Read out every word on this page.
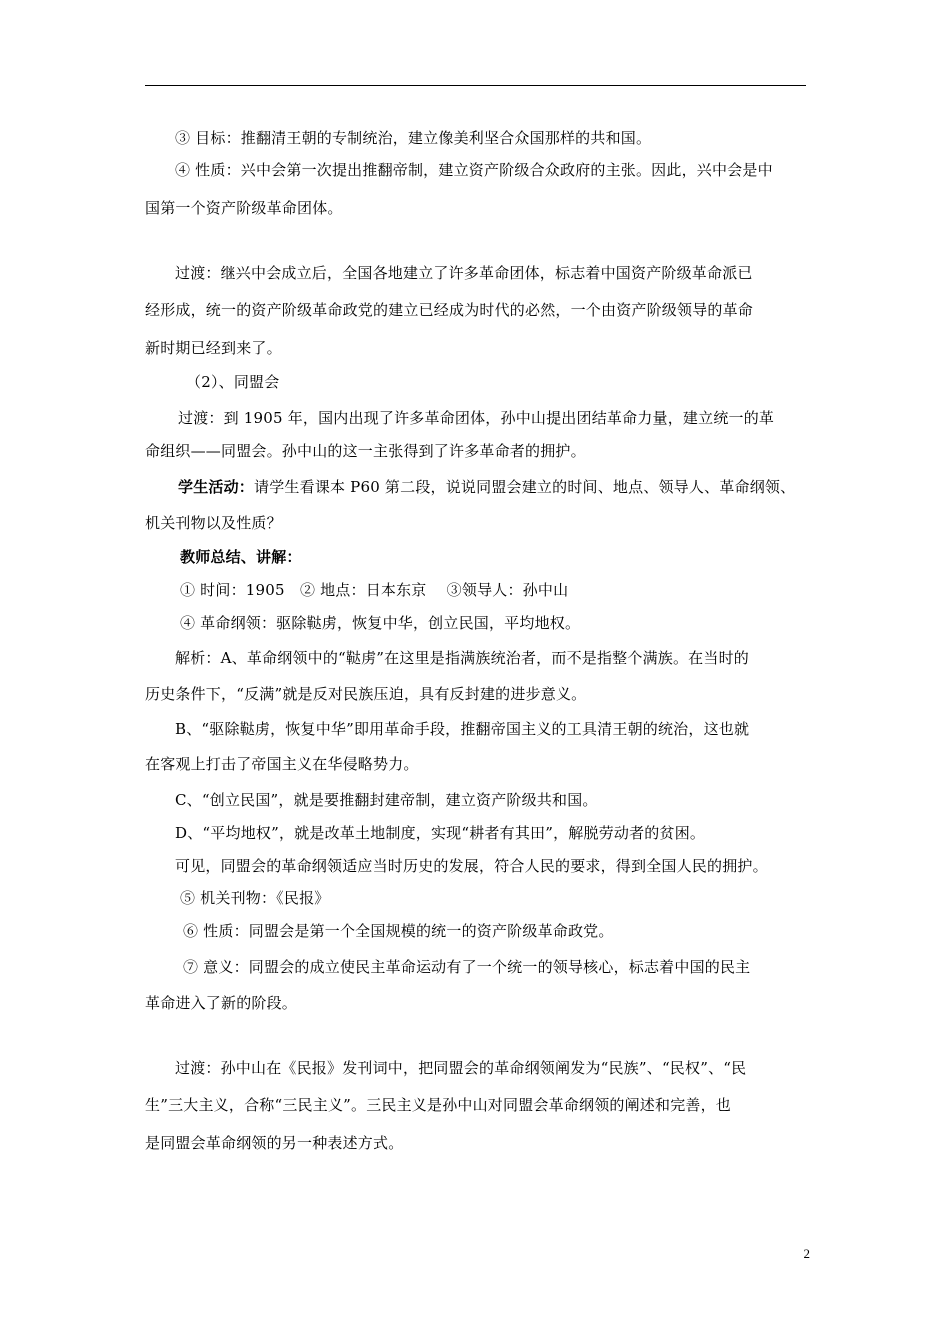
③ 目标：推翻清王朝的专制统治，建立像美利坚合众国那样的共和国。
④ 性质：兴中会第一次提出推翻帝制，建立资产阶级合众政府的主张。因此，兴中会是中
国第一个资产阶级革命团体。
过渡：继兴中会成立后，全国各地建立了许多革命团体，标志着中国资产阶级革命派已
经形成，统一的资产阶级革命政党的建立已经成为时代的必然，一个由资产阶级领导的革命
新时期已经到来了。
（2）、同盟会
过渡：到 1905 年，国内出现了许多革命团体，孙中山提出团结革命力量，建立统一的革
命组织——同盟会。孙中山的这一主张得到了许多革命者的拥护。
学生活动：请学生看课本 P60 第二段，说说同盟会建立的时间、地点、领导人、革命纲领、
机关刊物以及性质？
教师总结、讲解：
① 时间：1905　② 地点：日本东京　 ③领导人：孙中山
④ 革命纲领：驱除鞑虏，恢复中华，创立民国，平均地权。
解析：A、革命纲领中的“鞑虏”在这里是指满族统治者，而不是指整个满族。在当时的
历史条件下，“反满”就是反对民族压迫，具有反封建的进步意义。
B、“驱除鞑虏，恢复中华”即用革命手段，推翻帝国主义的工具清王朝的统治，这也就
在客观上打击了帝国主义在华侵略势力。
C、“创立民国”，就是要推翻封建帝制，建立资产阶级共和国。
D、“平均地权”，就是改革土地制度，实现“耕者有其田”，解脱劳动者的贫困。
可见，同盟会的革命纲领适应当时历史的发展，符合人民的要求，得到全国人民的拥护。
⑤ 机关刊物：《民报》
⑥ 性质：同盟会是第一个全国规模的统一的资产阶级革命政党。
⑦ 意义：同盟会的成立使民主革命运动有了一个统一的领导核心，标志着中国的民主
革命进入了新的阶段。
过渡：孙中山在《民报》发刊词中，把同盟会的革命纲领阐发为“民族”、“民权”、“民
生”三大主义，合称“三民主义”。三民主义是孙中山对同盟会革命纲领的阐述和完善，也
是同盟会革命纲领的另一种表述方式。
2
